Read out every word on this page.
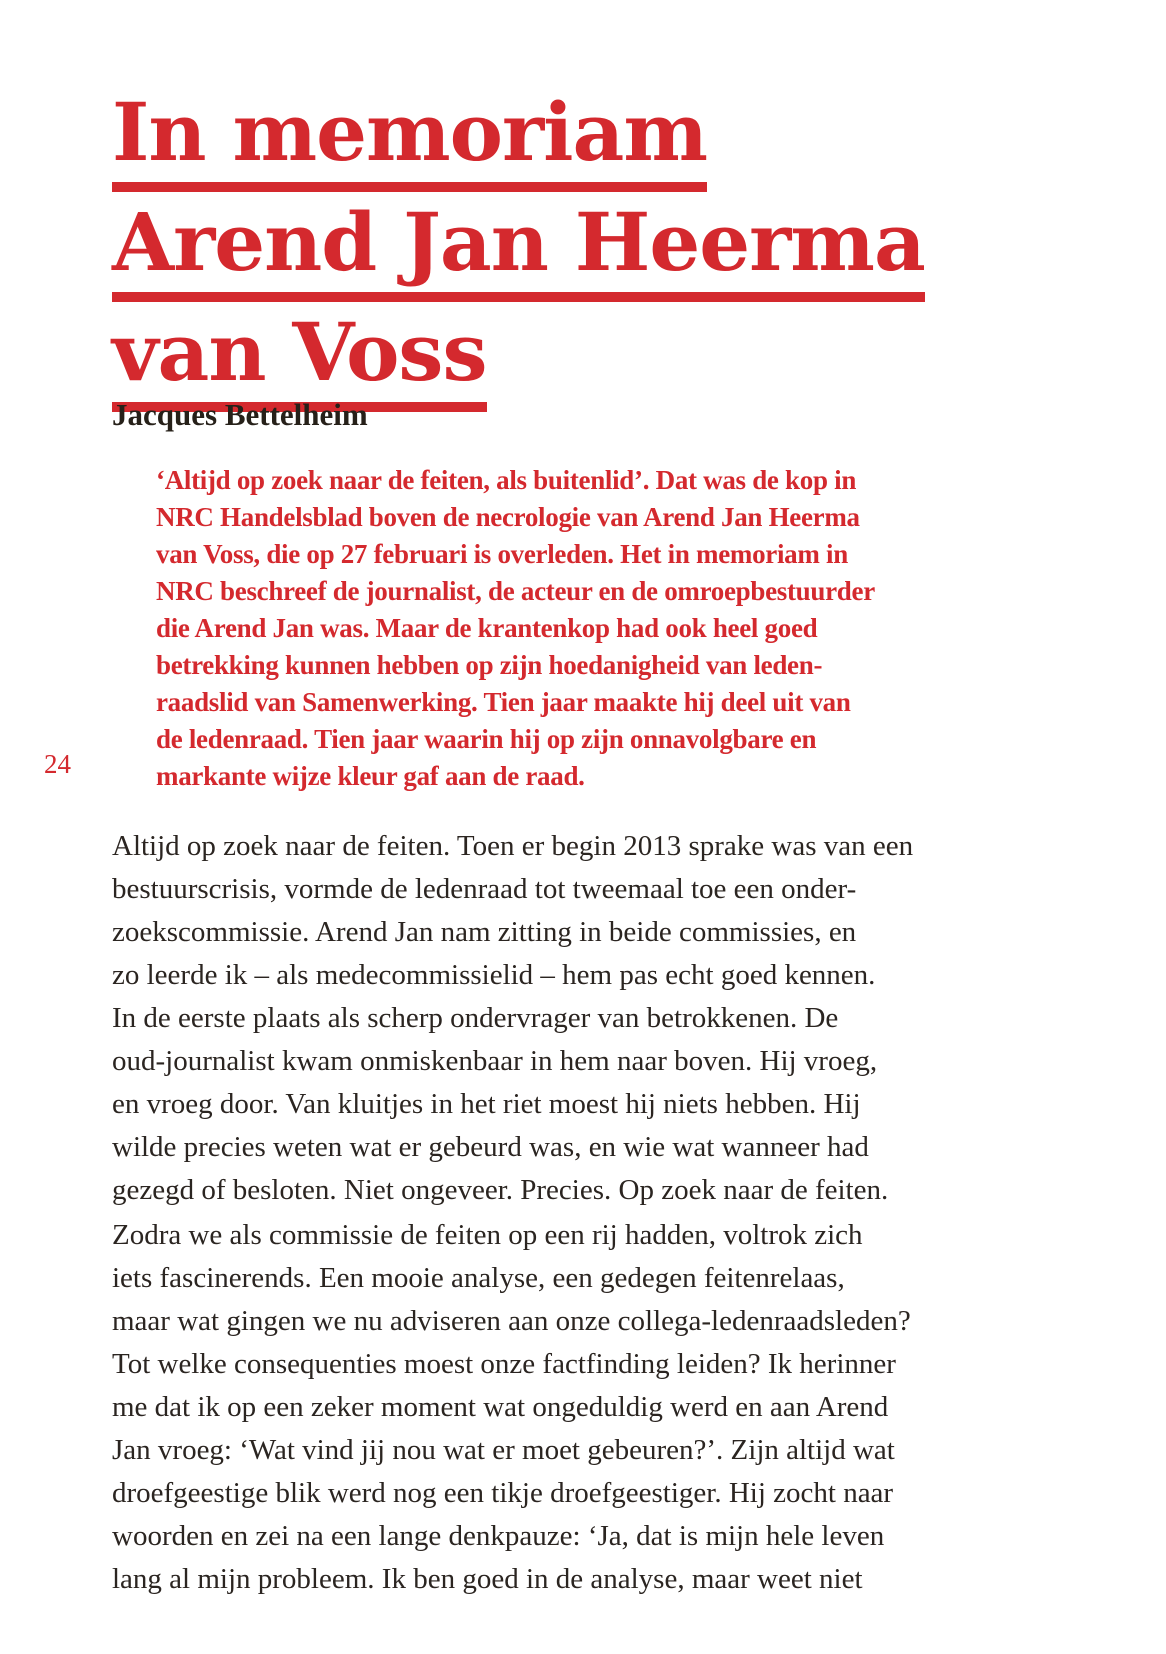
24
In memoriam
Arend Jan Heerma
van Voss
Jacques Bettelheim
‘Altijd op zoek naar de feiten, als buitenlid’. Dat was de kop in
NRC Handelsblad boven de necrologie van Arend Jan Heerma
van Voss, die op 27 februari is overleden. Het in memoriam in
NRC beschreef de journalist, de acteur en de omroepbestuurder
die Arend Jan was. Maar de krantenkop had ook heel goed
betrekking kunnen hebben op zijn hoedanigheid van leden-
raadslid van Samenwerking. Tien jaar maakte hij deel uit van
de ledenraad. Tien jaar waarin hij op zijn onnavolgbare en
markante wijze kleur gaf aan de raad.
Altijd op zoek naar de feiten. Toen er begin 2013 sprake was van een
bestuurscrisis, vormde de ledenraad tot tweemaal toe een onder-
zoekscommissie. Arend Jan nam zitting in beide commissies, en
zo leerde ik – als medecommissielid – hem pas echt goed kennen.
In de eerste plaats als scherp ondervrager van betrokkenen. De
oud-journalist kwam onmiskenbaar in hem naar boven. Hij vroeg,
en vroeg door. Van kluitjes in het riet moest hij niets hebben. Hij
wilde precies weten wat er gebeurd was, en wie wat wanneer had
gezegd of besloten. Niet ongeveer. Precies. Op zoek naar de feiten.
Zodra we als commissie de feiten op een rij hadden, voltrok zich
iets fascinerends. Een mooie analyse, een gedegen feitenrelaas,
maar wat gingen we nu adviseren aan onze collega-ledenraadsleden?
Tot welke consequenties moest onze factfinding leiden? Ik herinner
me dat ik op een zeker moment wat ongeduldig werd en aan Arend
Jan vroeg: ‘Wat vind jij nou wat er moet gebeuren?’. Zijn altijd wat
droefgeestige blik werd nog een tikje droefgeestiger. Hij zocht naar
woorden en zei na een lange denkpauze: ‘Ja, dat is mijn hele leven
lang al mijn probleem. Ik ben goed in de analyse, maar weet niet
